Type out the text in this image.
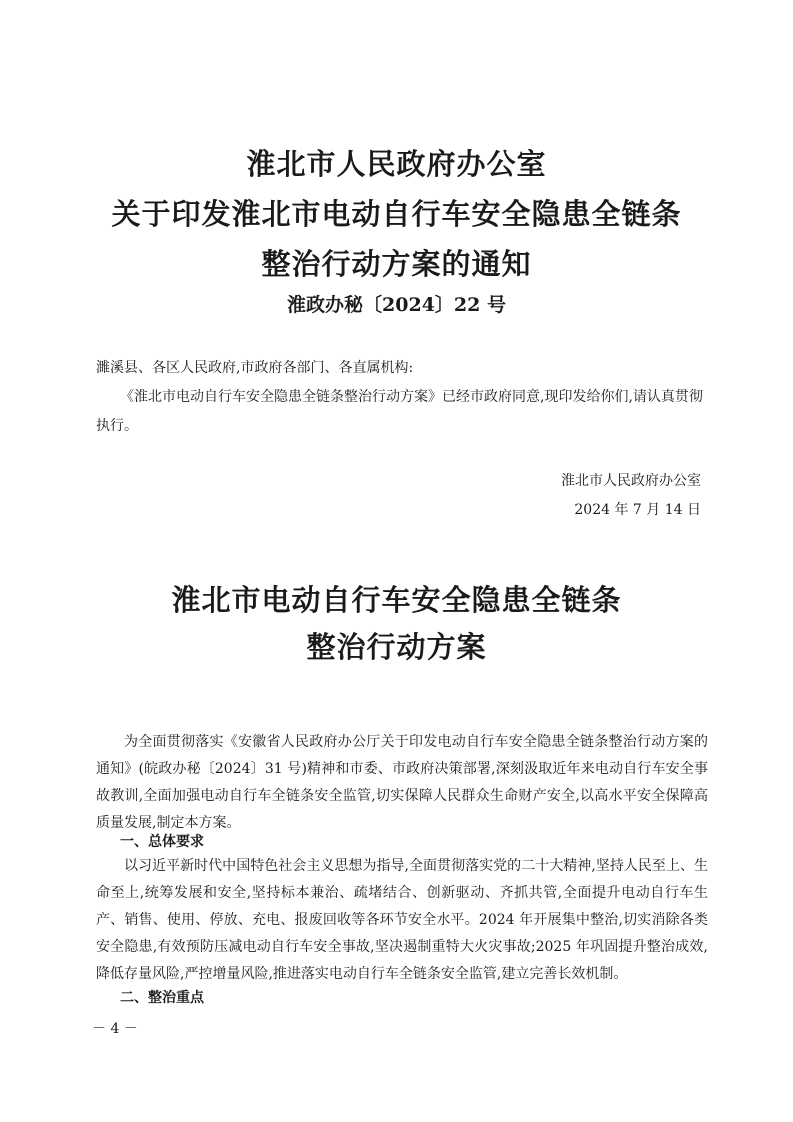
淮北市人民政府办公室
关于印发淮北市电动自行车安全隐患全链条
整治行动方案的通知
淮政办秘〔2024〕22 号
濉溪县、各区人民政府,市政府各部门、各直属机构:
《淮北市电动自行车安全隐患全链条整治行动方案》已经市政府同意,现印发给你们,请认真贯彻
执行。
淮北市人民政府办公室
2024 年 7 月 14 日
淮北市电动自行车安全隐患全链条
整治行动方案
为全面贯彻落实《安徽省人民政府办公厅关于印发电动自行车安全隐患全链条整治行动方案的通知》(皖政办秘〔2024〕31 号)精神和市委、市政府决策部署,深刻汲取近年来电动自行车安全事故教训,全面加强电动自行车全链条安全监管,切实保障人民群众生命财产安全,以高水平安全保障高质量发展,制定本方案。
一、总体要求
以习近平新时代中国特色社会主义思想为指导,全面贯彻落实党的二十大精神,坚持人民至上、生命至上,统筹发展和安全,坚持标本兼治、疏堵结合、创新驱动、齐抓共管,全面提升电动自行车生产、销售、使用、停放、充电、报废回收等各环节安全水平。2024 年开展集中整治,切实消除各类安全隐患,有效预防压减电动自行车安全事故,坚决遏制重特大火灾事故;2025 年巩固提升整治成效,降低存量风险,严控增量风险,推进落实电动自行车全链条安全监管,建立完善长效机制。
二、整治重点
－ 4 －
